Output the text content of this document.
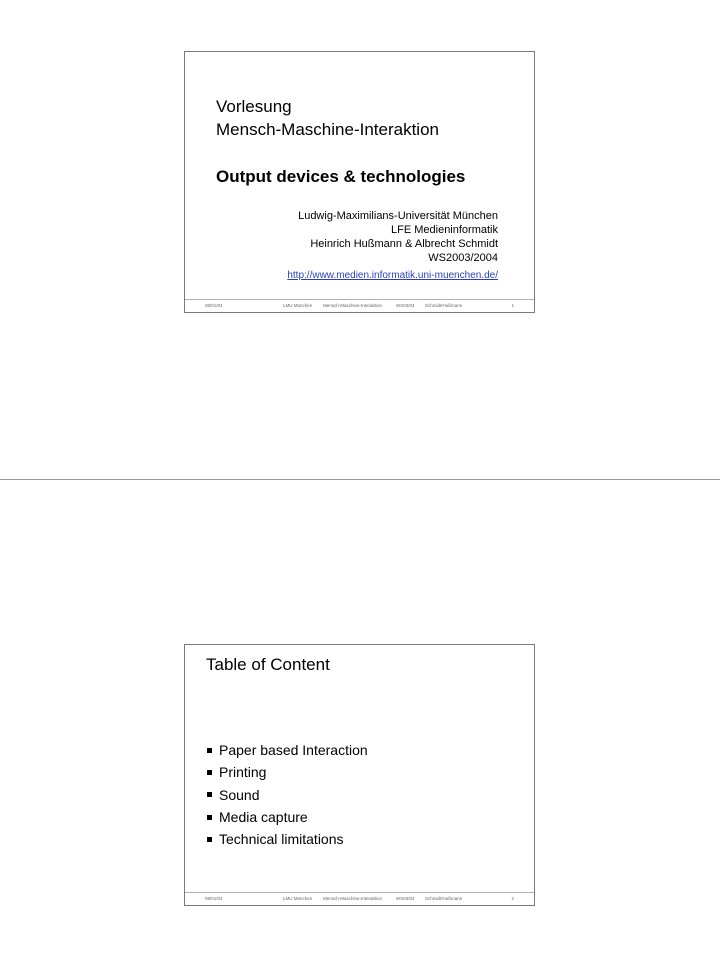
Vorlesung
Mensch-Maschine-Interaktion
Output devices & technologies
Ludwig-Maximilians-Universität München
LFE Medieninformatik
Heinrich Hußmann & Albrecht Schmidt
WS2003/2004
http://www.medien.informatik.uni-muenchen.de/
08/01/04	LMU München Mensch-Maschine-Interaktion	WS03/04 Schmidt/Hußmann	1
Table of Content
Paper based Interaction
Printing
Sound
Media capture
Technical limitations
08/01/04	LMU München Mensch-Maschine-Interaktion	WS03/04 Schmidt/Hußmann	2
